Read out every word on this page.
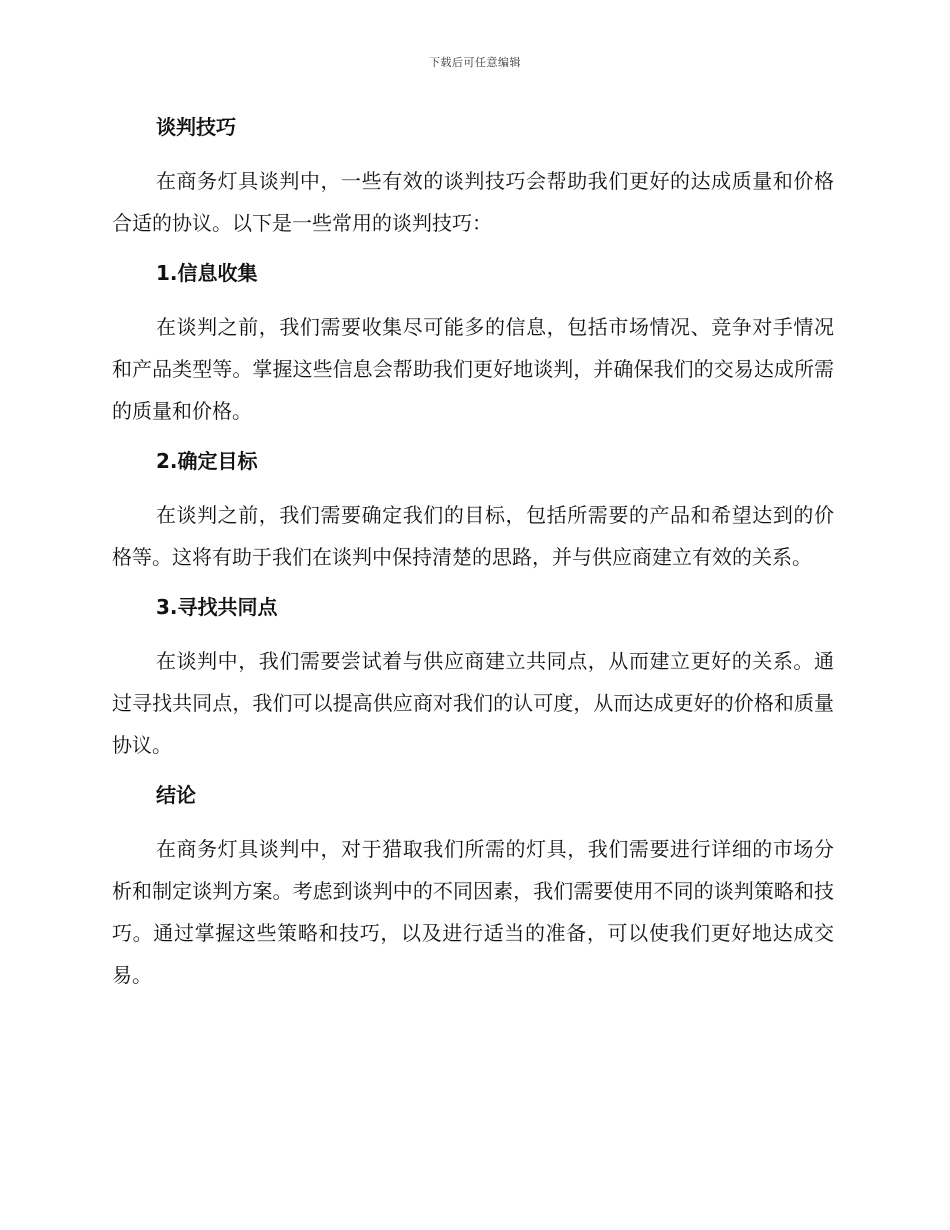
下载后可任意编辑
谈判技巧

在商务灯具谈判中，一些有效的谈判技巧会帮助我们更好的达成质量和价格合适的协议。以下是一些常用的谈判技巧：

1.信息收集

在谈判之前，我们需要收集尽可能多的信息，包括市场情况、竞争对手情况和产品类型等。掌握这些信息会帮助我们更好地谈判，并确保我们的交易达成所需的质量和价格。

2.确定目标

在谈判之前，我们需要确定我们的目标，包括所需要的产品和希望达到的价格等。这将有助于我们在谈判中保持清楚的思路，并与供应商建立有效的关系。

3.寻找共同点

在谈判中，我们需要尝试着与供应商建立共同点，从而建立更好的关系。通过寻找共同点，我们可以提高供应商对我们的认可度，从而达成更好的价格和质量协议。

结论

在商务灯具谈判中，对于猎取我们所需的灯具，我们需要进行详细的市场分析和制定谈判方案。考虑到谈判中的不同因素，我们需要使用不同的谈判策略和技巧。通过掌握这些策略和技巧，以及进行适当的准备，可以使我们更好地达成交易。
